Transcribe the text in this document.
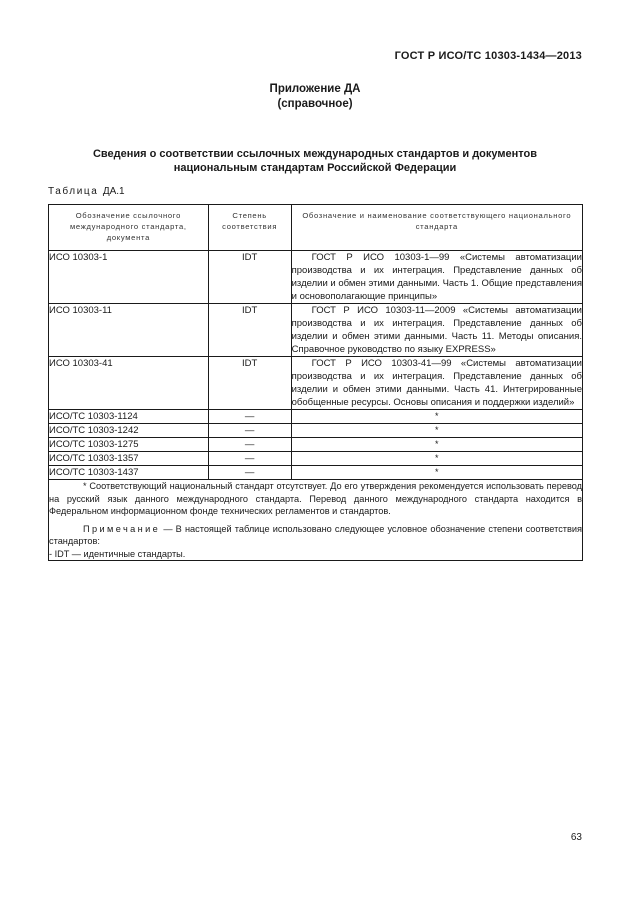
ГОСТ Р ИСО/ТС 10303-1434—2013
Приложение ДА
(справочное)
Сведения о соответствии ссылочных международных стандартов и документов национальным стандартам Российской Федерации
Таблица ДА.1
Обозначение ссылочного международного стандарта, документа	Степень соответствия	Обозначение и наименование соответствующего национального стандарта
ИСО 10303-1	IDT	ГОСТ Р ИСО 10303-1—99 «Системы автоматизации производства и их интеграция. Представление данных об изделии и обмен этими данными. Часть 1. Общие представления и основополагающие принципы»

ИСО 10303-11	IDT	ГОСТ Р ИСО 10303-11—2009 «Системы автоматизации производства и их интеграция. Представление данных об изделии и обмен этими данными. Часть 11. Методы описания. Справочное руководство по языку EXPRESS»

ИСО 10303-41	IDT	ГОСТ Р ИСО 10303-41—99 «Системы автоматизации производства и их интеграция. Представление данных об изделии и обмен этими данными. Часть 41. Интегрированные обобщенные ресурсы. Основы описания и поддержки изделий»

ИСО/ТС 10303-1124	—	*
ИСО/ТС 10303-1242	—	*
ИСО/ТС 10303-1275	—	*
ИСО/ТС 10303-1357	—	*
ИСО/ТС 10303-1437	—	*

* Соответствующий национальный стандарт отсутствует. До его утверждения рекомендуется использовать перевод на русский язык данного международного стандарта. Перевод данного международного стандарта находится в Федеральном информационном фонде технических регламентов и стандартов.
Примечание — В настоящей таблице использовано следующее условное обозначение степени соответствия стандартов:
- IDT — идентичные стандарты.		
63
